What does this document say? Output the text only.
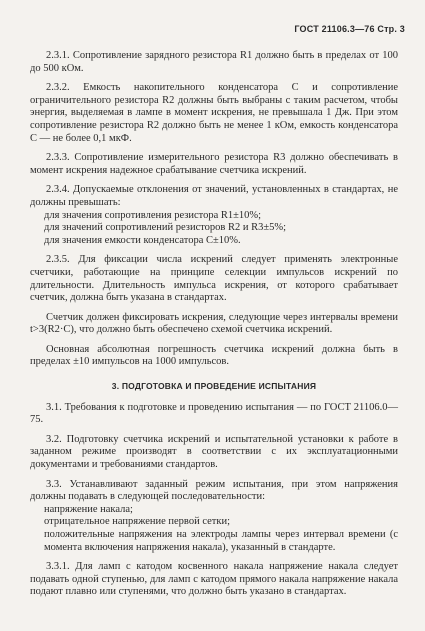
ГОСТ 21106.3—76 Стр. 3

2.3.1. Сопротивление зарядного резистора R1 должно быть в пределах от 100 до 500 кОм.

2.3.2. Емкость накопительного конденсатора C и сопротивление ограничительного резистора R2 должны быть выбраны с таким расчетом, чтобы энергия, выделяемая в лампе в момент искрения, не превышала 1 Дж. При этом сопротивление резистора R2 должно быть не менее 1 кОм, емкость конденсатора C — не более 0,1 мкФ.

2.3.3. Сопротивление измерительного резистора R3 должно обеспечивать в момент искрения надежное срабатывание счетчика искрений.

2.3.4. Допускаемые отклонения от значений, установленных в стандартах, не должны превышать:

для значения сопротивления резистора R1±10%;

для значений сопротивлений резисторов R2 и R3±5%;

для значения емкости конденсатора C±10%.

2.3.5. Для фиксации числа искрений следует применять электронные счетчики, работающие на принципе селекции импульсов искрений по длительности. Длительность импульса искрения, от которого срабатывает счетчик, должна быть указана в стандартах.

Счетчик должен фиксировать искрения, следующие через интервалы времени t>3(R2·C), что должно быть обеспечено схемой счетчика искрений.

Основная абсолютная погрешность счетчика искрений должна быть в пределах ±10 импульсов на 1000 импульсов.

3. ПОДГОТОВКА И ПРОВЕДЕНИЕ ИСПЫТАНИЯ

3.1. Требования к подготовке и проведению испытания — по ГОСТ 21106.0—75.

3.2. Подготовку счетчика искрений и испытательной установки к работе в заданном режиме производят в соответствии с их эксплуатационными документами и требованиями стандартов.

3.3. Устанавливают заданный режим испытания, при этом напряжения должны подавать в следующей последовательности:

напряжение накала;

отрицательное напряжение первой сетки;

положительные напряжения на электроды лампы через интервал времени (с момента включения напряжения накала), указанный в стандарте.

3.3.1. Для ламп с катодом косвенного накала напряжение накала следует подавать одной ступенью, для ламп с катодом прямого накала напряжение накала подают плавно или ступенями, что должно быть указано в стандартах.
